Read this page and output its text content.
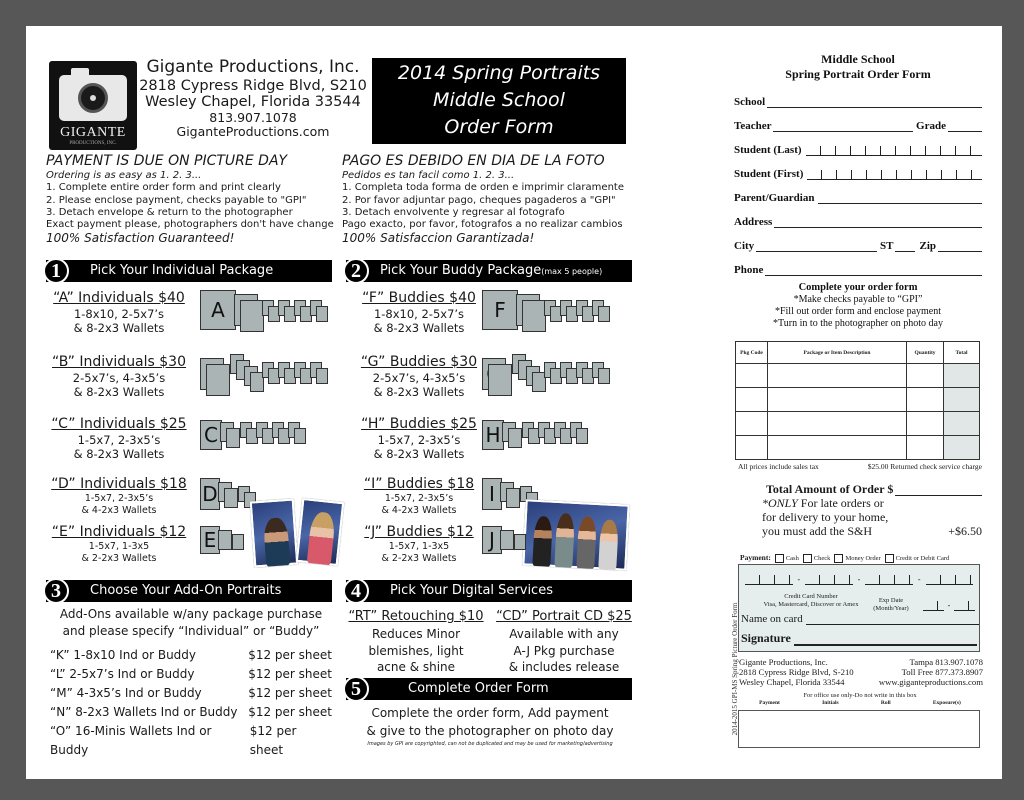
GIGANTE
PRODUCTIONS, INC.
Gigante Productions, Inc.
2818 Cypress Ridge Blvd, S210
Wesley Chapel, Florida 33544
813.907.1078
GiganteProductions.com
2014 Spring Portraits
Middle School
Order Form
PAYMENT IS DUE ON PICTURE DAY
Ordering is as easy as 1. 2. 3...
1. Complete entire order form and print clearly
2. Please enclose payment, checks payable to "GPI"
3. Detach envelope & return to the photographer
Exact payment please, photographers don't have change
100% Satisfaction Guaranteed!
PAGO ES DEBIDO EN DIA DE LA FOTO
Pedidos es tan facil como 1. 2. 3...
1. Completa toda forma de orden e imprimir claramente
2. Por favor adjuntar pago, cheques pagaderos a "GPI"
3. Detach envolvente y regresar al fotografo
Pago exacto, por favor, fotografos a no realizar cambios
100% Satisfaccion Garantizada!
1	Pick Your Individual Package	2	Pick Your Buddy Package(max 5 people)
“A” Individuals $40
1-8x10, 2-5x7’s
& 8-2x3 Wallets
A
“B” Individuals $30
2-5x7’s, 4-3x5’s
& 8-2x3 Wallets
“C” Individuals $25
1-5x7, 2-3x5’s
& 8-2x3 Wallets
C
“D” Individuals $18
1-5x7, 2-3x5’s
& 4-2x3 Wallets
D
“E” Individuals $12
1-5x7, 1-3x5
& 2-2x3 Wallets
E
“F” Buddies $40
1-8x10, 2-5x7’s
& 8-2x3 Wallets
F
“G” Buddies $30
2-5x7’s, 4-3x5’s
& 8-2x3 Wallets
“H” Buddies $25
1-5x7, 2-3x5’s
& 8-2x3 Wallets
H
“I” Buddies $18
1-5x7, 2-3x5’s
& 4-2x3 Wallets
I
“J” Buddies $12
1-5x7, 1-3x5
& 2-2x3 Wallets
J
3	Choose Your Add-On Portraits
Add-Ons available w/any package purchase
and please specify “Individual” or “Buddy”
“K” 1-8x10 Ind or Buddy	$12 per sheet
“L” 2-5x7’s Ind or Buddy	$12 per sheet
“M” 4-3x5’s Ind or Buddy	$12 per sheet
“N” 8-2x3 Wallets Ind or Buddy $12 per sheet
“O” 16-Minis Wallets Ind or Buddy
$12 per sheet
4	Pick Your Digital Services
“RT” Retouching $10
Reduces Minor
blemishes, light
acne & shine
“CD” Portrait CD $25
Available with any
A-J Pkg purchase
& includes release
5	Complete Order Form
Complete the order form, Add payment
& give to the photographer on photo day
Images by GPI are copyrighted, can not be duplicated and may be used for marketing/advertising
Middle School
Spring Portrait Order Form
School
Teacher	Grade
Student (Last)
Student (First)
Parent/Guardian
Address
City	ST Zip
Phone
Complete your order form
*Make checks payable to “GPI”
*Fill out order form and enclose payment
*Turn in to the photographer on photo day
Pkg Code	Package or Item Description	Quantity	Total

All prices include sales tax	$25.00 Returned check service charge
Total Amount of Order $
*ONLY For late orders or
for delivery to your home,
you must add the S&H	+$6.50
Payment: Cash Check Money Order Credit or Debit Card
-	-	-
Credit Card Number
Visa, Mastercard, Discover or Amex	Exp Date
(Month/Year)	-
Name on card
Signature
Gigante Productions, Inc.	Tampa 813.907.1078
2818 Cypress Ridge Blvd, S-210	Toll Free 877.373.8907
Wesley Chapel, Florida 33544	www.giganteproductions.com
For office use only-Do not write in this box
Payment	Initials	Roll	Exposure(s)
2014-2015 GPI-MS Spring Picture Order Form
